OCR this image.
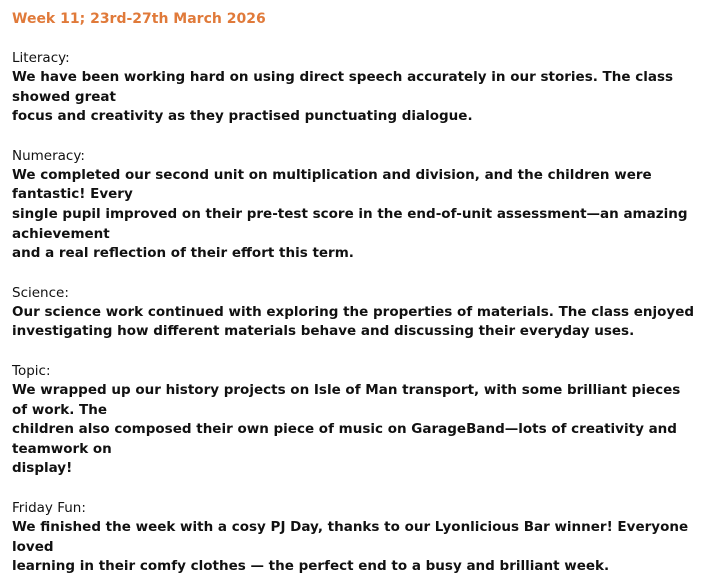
Week 11; 23rd-27th March 2026
Literacy:
We have been working hard on using direct speech accurately in our stories. The class showed great
focus and creativity as they practised punctuating dialogue.
Numeracy:
We completed our second unit on multiplication and division, and the children were fantastic! Every
single pupil improved on their pre-test score in the end-of-unit assessment—an amazing achievement
and a real reflection of their effort this term.
Science:
Our science work continued with exploring the properties of materials. The class enjoyed
investigating how different materials behave and discussing their everyday uses.
Topic:
We wrapped up our history projects on Isle of Man transport, with some brilliant pieces of work. The
children also composed their own piece of music on GarageBand—lots of creativity and teamwork on
display!
Friday Fun:
We finished the week with a cosy PJ Day, thanks to our Lyonlicious Bar winner! Everyone loved
learning in their comfy clothes — the perfect end to a busy and brilliant week.
